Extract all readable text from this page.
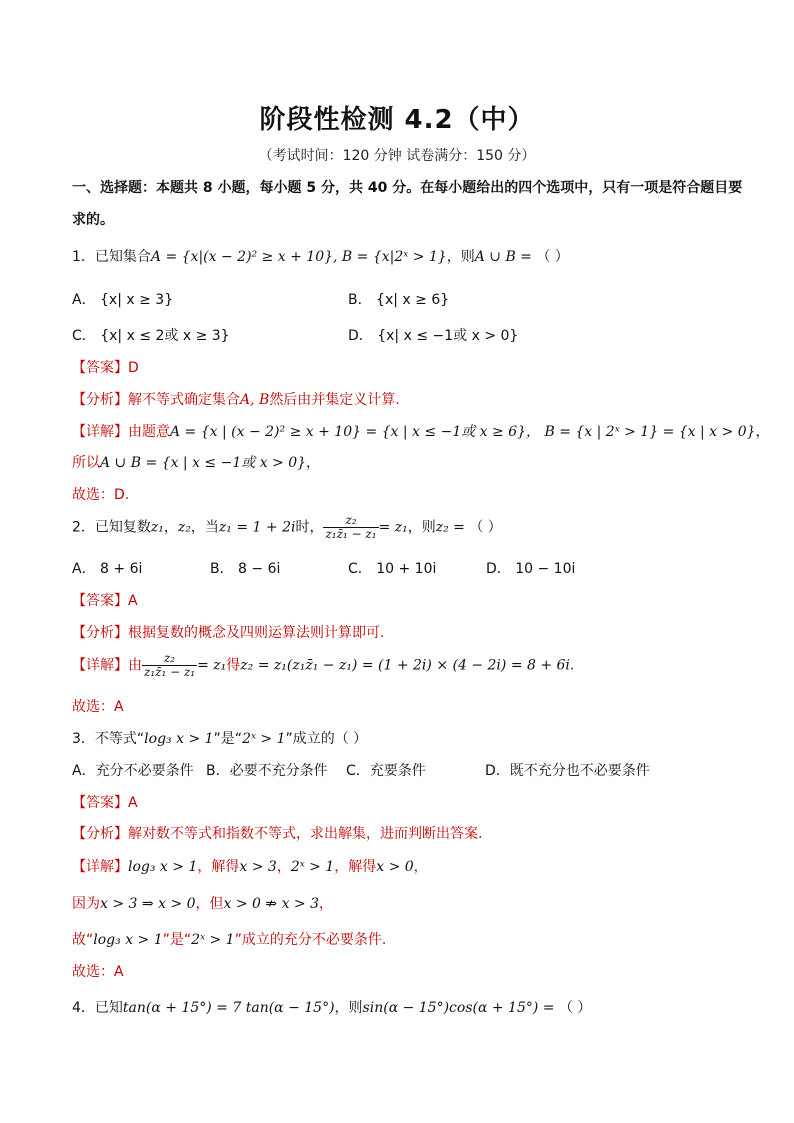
阶段性检测 4.2（中）
（考试时间：120 分钟 试卷满分：150 分）
一、选择题：本题共 8 小题，每小题 5 分，共 40 分。在每小题给出的四个选项中，只有一项是符合题目要
求的。
1．已知集合A = {x|(x − 2)² ≥ x + 10}, B = {x|2ˣ > 1}，则A ∪ B = （ ）
A． {x| x ≥ 3}	B． {x| x ≥ 6}
C． {x| x ≤ 2或 x ≥ 3}	D． {x| x ≤ −1或 x > 0}
【答案】D
【分析】解不等式确定集合A, B然后由并集定义计算.
【详解】由题意A = {x | (x − 2)² ≥ x + 10} = {x | x ≤ −1或 x ≥ 6}， B = {x | 2ˣ > 1} = {x | x > 0}，
所以A ∪ B = {x | x ≤ −1或 x > 0}，
故选：D.
2．已知复数z₁，z₂，当z₁ = 1 + 2i时， $\frac{\text{z₂}}{\text{z₁z̄₁ − z₁}} = z_1$，则z₂ = （ ）
A． 8 + 6i	B． 8 − 6i	C． 10 + 10i	D． 10 − 10i
【答案】A
【分析】根据复数的概念及四则运算法则计算即可.
【详解】由 $\frac{\text{z₂}}{\text{z₁z̄₁ − z₁}} = z_1$得z₂ = z₁(z₁z̄₁ − z₁) = (1 + 2i) × (4 − 2i) = 8 + 6i.
故选：A
3．不等式“log₃ x > 1”是“2ˣ > 1”成立的（ ）
A．充分不必要条件 B．必要不充分条件 C．充要条件	D．既不充分也不必要条件
【答案】A
【分析】解对数不等式和指数不等式，求出解集，进而判断出答案.
【详解】log₃ x > 1，解得x > 3，2ˣ > 1，解得x > 0，
因为x > 3 ⇒ x > 0，但x > 0 ⇏ x > 3，
故“log₃ x > 1”是“2ˣ > 1”成立的充分不必要条件.
故选：A
4．已知tan(α + 15°) = 7 tan(α − 15°)，则sin(α − 15°)cos(α + 15°) = （ ）
